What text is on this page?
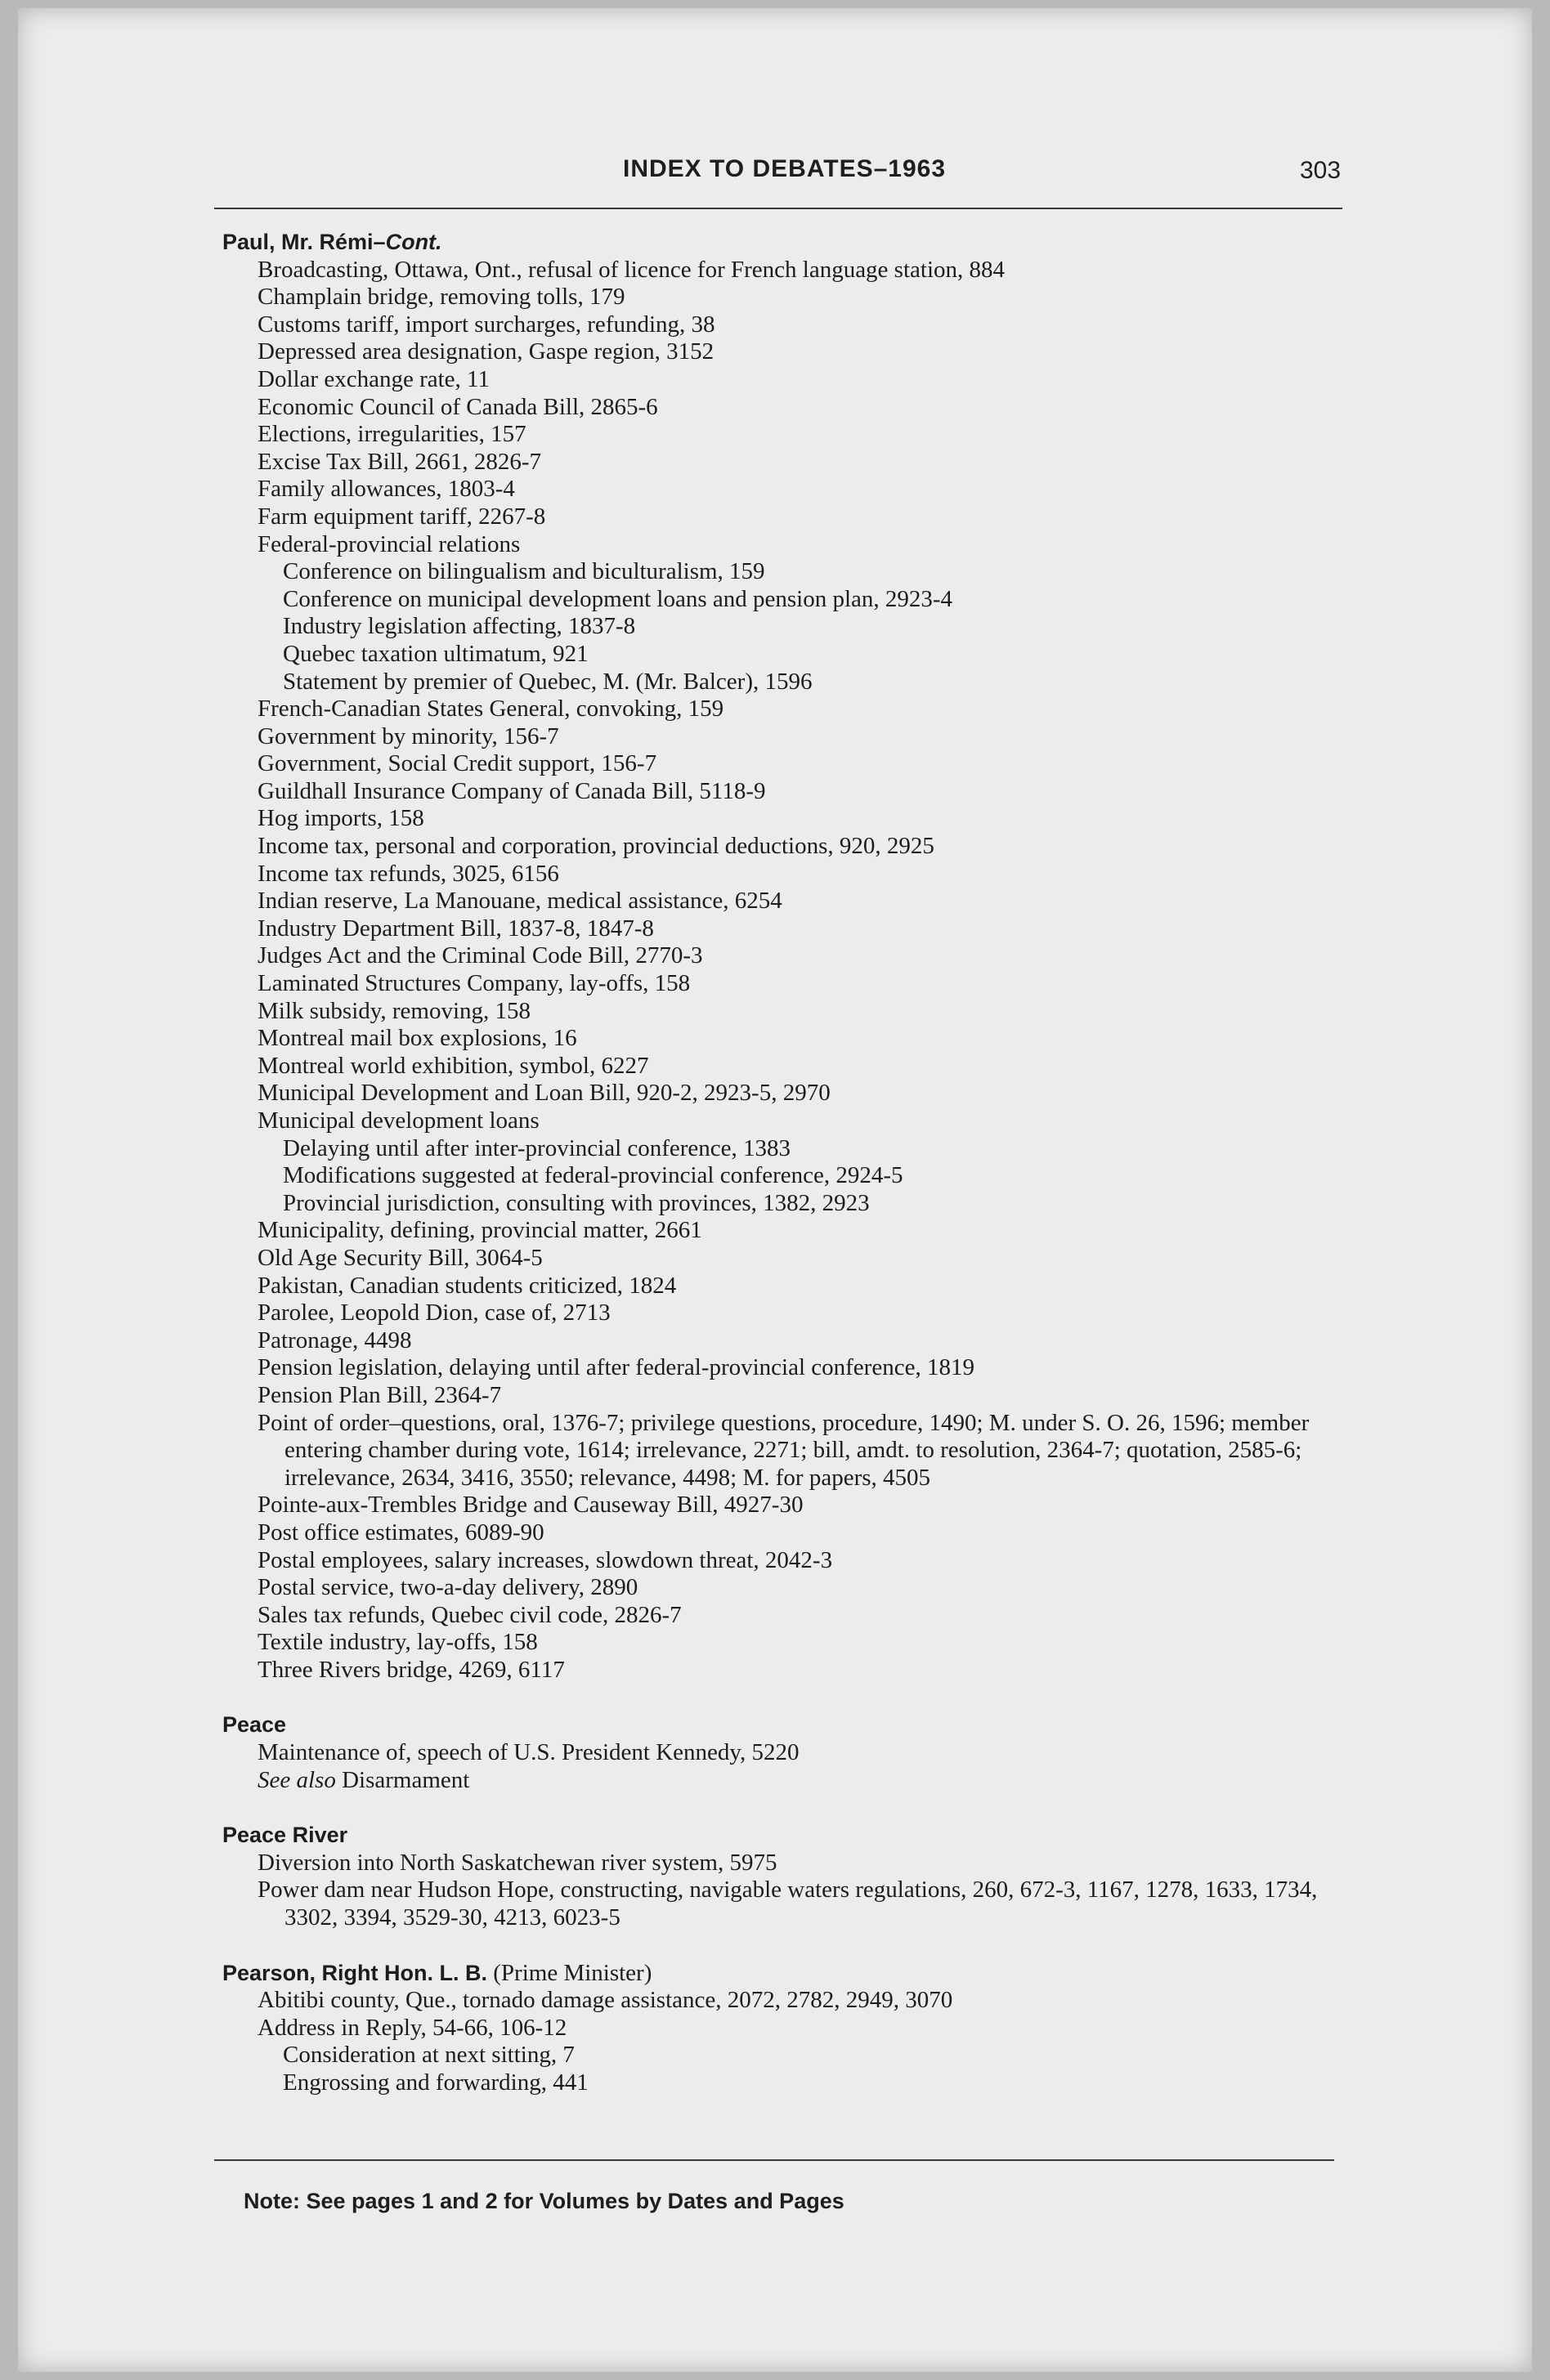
INDEX TO DEBATES–1963	303
Paul, Mr. Rémi–Cont.
Broadcasting, Ottawa, Ont., refusal of licence for French language station, 884
Champlain bridge, removing tolls, 179
Customs tariff, import surcharges, refunding, 38
Depressed area designation, Gaspe region, 3152
Dollar exchange rate, 11
Economic Council of Canada Bill, 2865-6
Elections, irregularities, 157
Excise Tax Bill, 2661, 2826-7
Family allowances, 1803-4
Farm equipment tariff, 2267-8
Federal-provincial relations
Conference on bilingualism and biculturalism, 159
Conference on municipal development loans and pension plan, 2923-4
Industry legislation affecting, 1837-8
Quebec taxation ultimatum, 921
Statement by premier of Quebec, M. (Mr. Balcer), 1596
French-Canadian States General, convoking, 159
Government by minority, 156-7
Government, Social Credit support, 156-7
Guildhall Insurance Company of Canada Bill, 5118-9
Hog imports, 158
Income tax, personal and corporation, provincial deductions, 920, 2925
Income tax refunds, 3025, 6156
Indian reserve, La Manouane, medical assistance, 6254
Industry Department Bill, 1837-8, 1847-8
Judges Act and the Criminal Code Bill, 2770-3
Laminated Structures Company, lay-offs, 158
Milk subsidy, removing, 158
Montreal mail box explosions, 16
Montreal world exhibition, symbol, 6227
Municipal Development and Loan Bill, 920-2, 2923-5, 2970
Municipal development loans
Delaying until after inter-provincial conference, 1383
Modifications suggested at federal-provincial conference, 2924-5
Provincial jurisdiction, consulting with provinces, 1382, 2923
Municipality, defining, provincial matter, 2661
Old Age Security Bill, 3064-5
Pakistan, Canadian students criticized, 1824
Parolee, Leopold Dion, case of, 2713
Patronage, 4498
Pension legislation, delaying until after federal-provincial conference, 1819
Pension Plan Bill, 2364-7
Point of order–questions, oral, 1376-7; privilege questions, procedure, 1490; M. under S. O. 26, 1596; member entering chamber during vote, 1614; irrelevance, 2271; bill, amdt. to resolution, 2364-7; quotation, 2585-6; irrelevance, 2634, 3416, 3550; relevance, 4498; M. for papers, 4505
Pointe-aux-Trembles Bridge and Causeway Bill, 4927-30
Post office estimates, 6089-90
Postal employees, salary increases, slowdown threat, 2042-3
Postal service, two-a-day delivery, 2890
Sales tax refunds, Quebec civil code, 2826-7
Textile industry, lay-offs, 158
Three Rivers bridge, 4269, 6117
Peace
Maintenance of, speech of U.S. President Kennedy, 5220
See also Disarmament
Peace River
Diversion into North Saskatchewan river system, 5975
Power dam near Hudson Hope, constructing, navigable waters regulations, 260, 672-3, 1167, 1278, 1633, 1734, 3302, 3394, 3529-30, 4213, 6023-5
Pearson, Right Hon. L. B. (Prime Minister)
Abitibi county, Que., tornado damage assistance, 2072, 2782, 2949, 3070
Address in Reply, 54-66, 106-12
Consideration at next sitting, 7
Engrossing and forwarding, 441
Note: See pages 1 and 2 for Volumes by Dates and Pages
